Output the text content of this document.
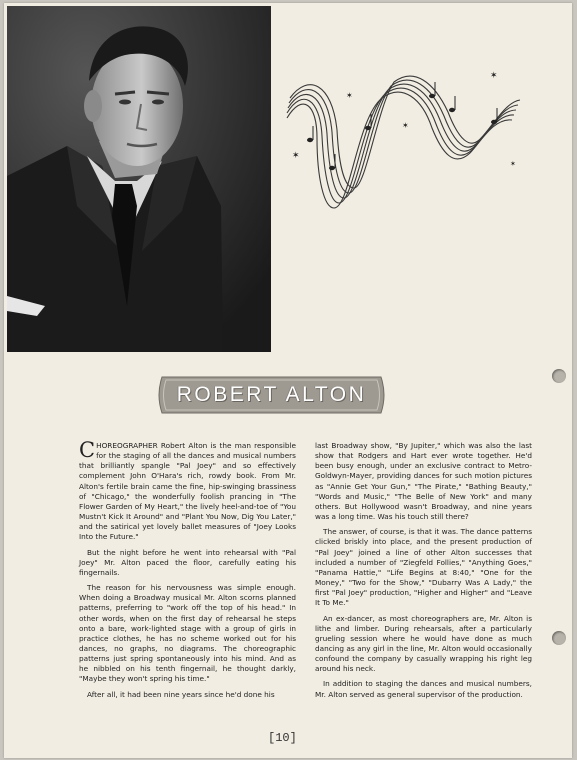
✶
✶
✶
✶
✶
ROBERT ALTON

CHOREOGRAPHER Robert Alton is the man responsible for the staging of all the dances and musical numbers that brilliantly spangle "Pal Joey" and so effectively complement John O'Hara's rich, rowdy book. From Mr. Alton's fertile brain came the fine, hip-swinging brassiness of "Chicago," the wonderfully foolish prancing in "The Flower Garden of My Heart," the lively heel-and-toe of "You Mustn't Kick It Around" and "Plant You Now, Dig You Later," and the satirical yet lovely ballet measures of "Joey Looks Into the Future."

But the night before he went into rehearsal with "Pal Joey" Mr. Alton paced the floor, carefully eating his fingernails.

The reason for his nervousness was simple enough. When doing a Broadway musical Mr. Alton scorns planned patterns, preferring to "work off the top of his head." In other words, when on the first day of rehearsal he steps onto a bare, work-lighted stage with a group of girls in practice clothes, he has no scheme worked out for his dances, no graphs, no diagrams. The choreographic patterns just spring spontaneously into his mind. And as he nibbled on his tenth fingernail, he thought darkly, "Maybe they won't spring his time."

After all, it had been nine years since he'd done his

last Broadway show, "By Jupiter," which was also the last show that Rodgers and Hart ever wrote together. He'd been busy enough, under an exclusive contract to Metro-Goldwyn-Mayer, providing dances for such motion pictures as "Annie Get Your Gun," "The Pirate," "Bathing Beauty," "Words and Music," "The Belle of New York" and many others. But Hollywood wasn't Broadway, and nine years was a long time. Was his touch still there?

The answer, of course, is that it was. The dance patterns clicked briskly into place, and the present production of "Pal Joey" joined a line of other Alton successes that included a number of "Ziegfeld Follies," "Anything Goes," "Panama Hattie," "Life Begins at 8:40," "One for the Money," "Two for the Show," "Dubarry Was A Lady," the first "Pal Joey" production, "Higher and Higher" and "Leave It To Me."

An ex-dancer, as most choreographers are, Mr. Alton is lithe and limber. During rehearsals, after a particularly grueling session where he would have done as much dancing as any girl in the line, Mr. Alton would occasionally confound the company by casually wrapping his right leg around his neck.

In addition to staging the dances and musical numbers, Mr. Alton served as general supervisor of the production.

[10]
